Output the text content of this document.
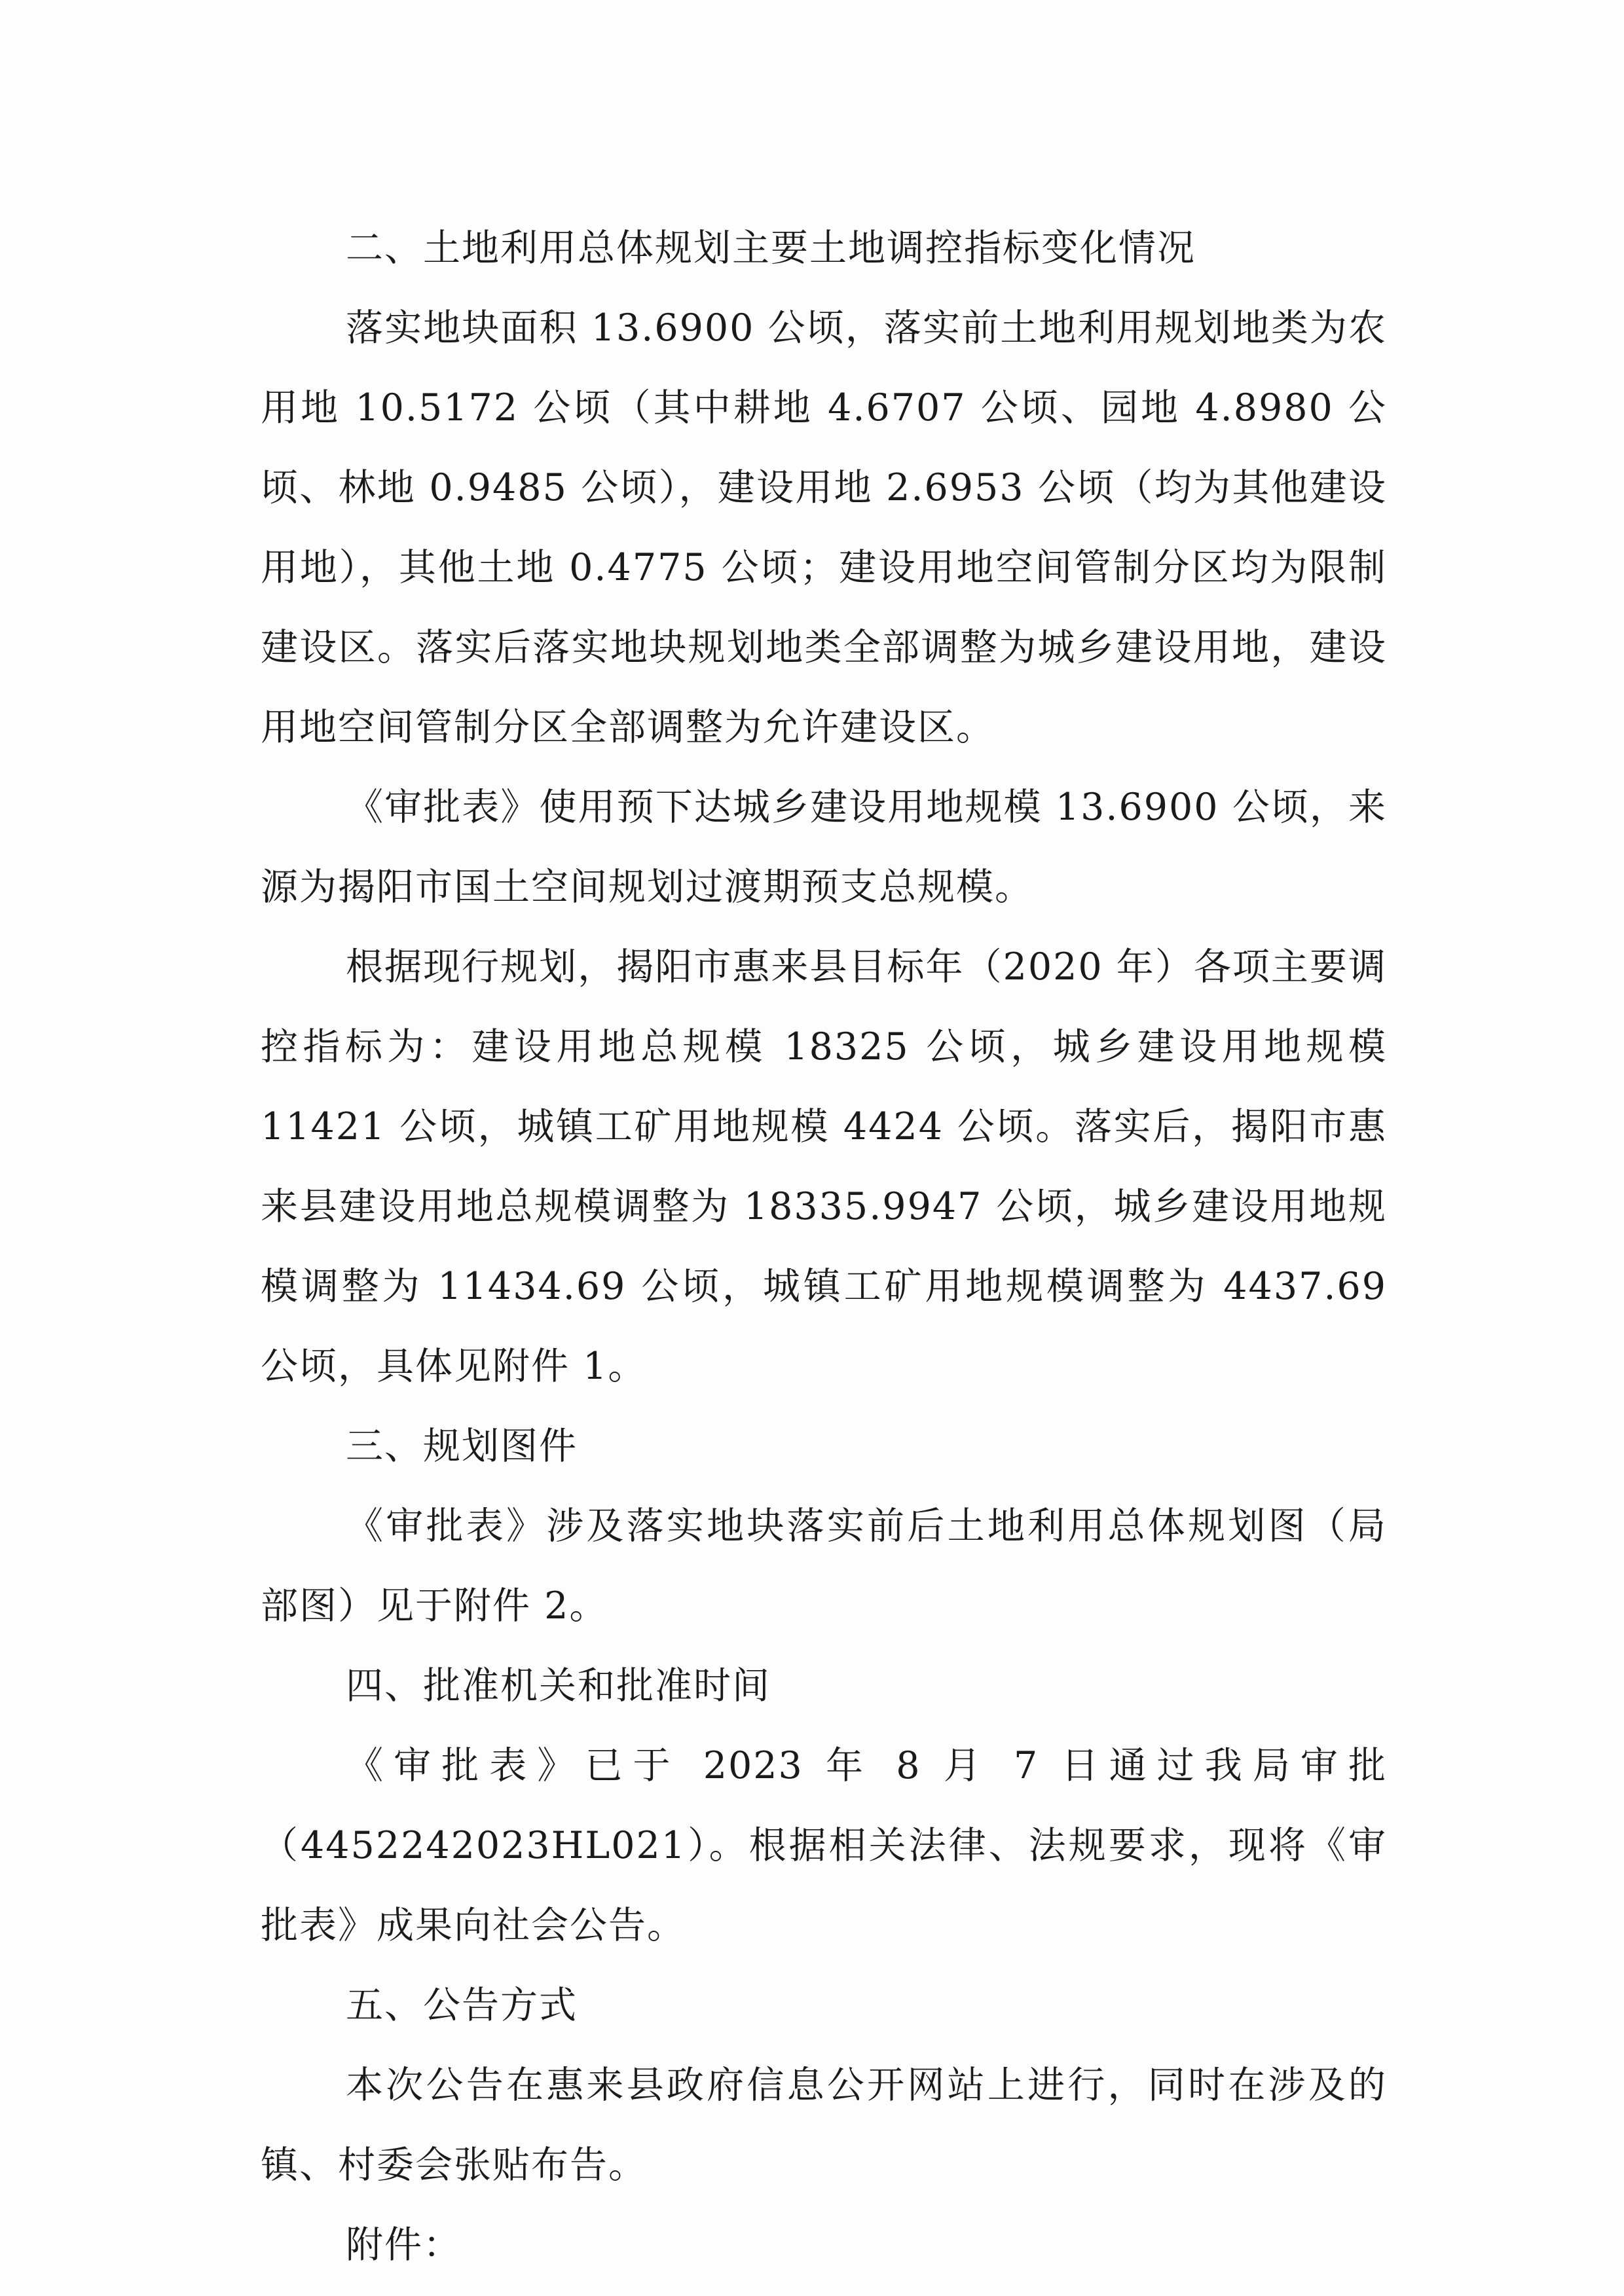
二、土地利用总体规划主要土地调控指标变化情况

落实地块面积 13.6900 公顷，落实前土地利用规划地类为农用地 10.5172 公顷（其中耕地 4.6707 公顷、园地 4.8980 公顷、林地 0.9485 公顷），建设用地 2.6953 公顷（均为其他建设用地），其他土地 0.4775 公顷；建设用地空间管制分区均为限制建设区。落实后落实地块规划地类全部调整为城乡建设用地，建设用地空间管制分区全部调整为允许建设区。

《审批表》使用预下达城乡建设用地规模 13.6900 公顷，来源为揭阳市国土空间规划过渡期预支总规模。

根据现行规划，揭阳市惠来县目标年（2020 年）各项主要调控指标为：建设用地总规模 18325 公顷，城乡建设用地规模 11421 公顷，城镇工矿用地规模 4424 公顷。落实后，揭阳市惠来县建设用地总规模调整为 18335.9947 公顷，城乡建设用地规模调整为 11434.69 公顷，城镇工矿用地规模调整为 4437.69 公顷，具体见附件 1。

三、规划图件

《审批表》涉及落实地块落实前后土地利用总体规划图（局部图）见于附件 2。

四、批准机关和批准时间

《审批表》已于 2023 年 8 月 7 日通过我局审批（4452242023HL021）。根据相关法律、法规要求，现将《审批表》成果向社会公告。

五、公告方式

本次公告在惠来县政府信息公开网站上进行，同时在涉及的镇、村委会张贴布告。

附件：
